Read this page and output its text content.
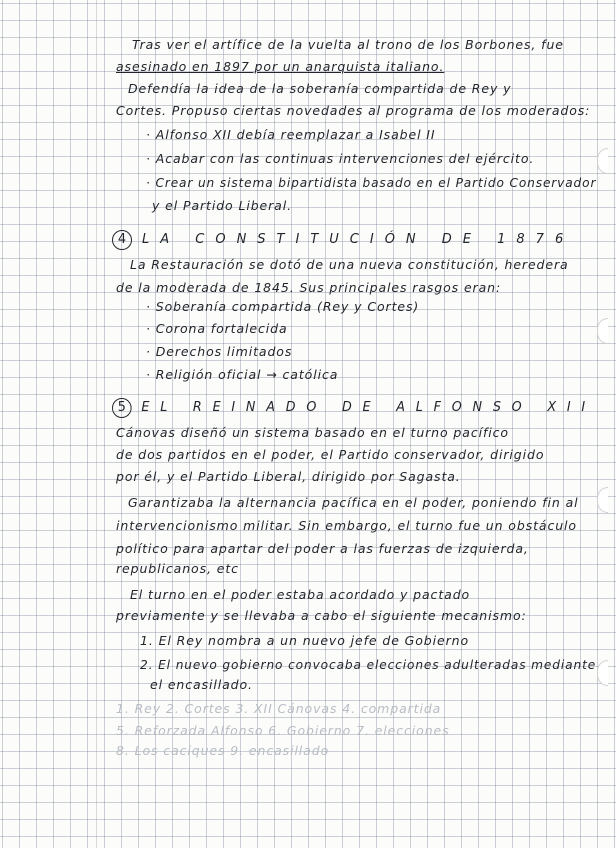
Tras ver el artífice de la vuelta al trono de los Borbones, fue
asesinado en 1897 por un anarquista italiano.
Defendía la idea de la soberanía compartida de Rey y
Cortes. Propuso ciertas novedades al programa de los moderados:
· Alfonso XII debía reemplazar a Isabel II
· Acabar con las continuas intervenciones del ejército.
· Crear un sistema bipartidista basado en el Partido Conservador
y el Partido Liberal.
4 LA CONSTITUCIÓN DE 1876
La Restauración se dotó de una nueva constitución, heredera
de la moderada de 1845. Sus principales rasgos eran:
· Soberanía compartida (Rey y Cortes)
· Corona fortalecida
· Derechos limitados
· Religión oficial → católica
5 EL REINADO DE ALFONSO XII
Cánovas diseñó un sistema basado en el turno pacífico
de dos partidos en el poder, el Partido conservador, dirigido
por él, y el Partido Liberal, dirigido por Sagasta.
Garantizaba la alternancia pacífica en el poder, poniendo fin al
intervencionismo militar. Sin embargo, el turno fue un obstáculo
político para apartar del poder a las fuerzas de izquierda,
republicanos, etc
El turno en el poder estaba acordado y pactado
previamente y se llevaba a cabo el siguiente mecanismo:
1. El Rey nombra a un nuevo jefe de Gobierno
2. El nuevo gobierno convocaba elecciones adulteradas mediante
el encasillado.
1. Rey 2. Cortes 3. XII Cánovas 4. compartida
5. Reforzada Alfonso 6. Gobierno 7. elecciones
8. Los caciques 9. encasillado
